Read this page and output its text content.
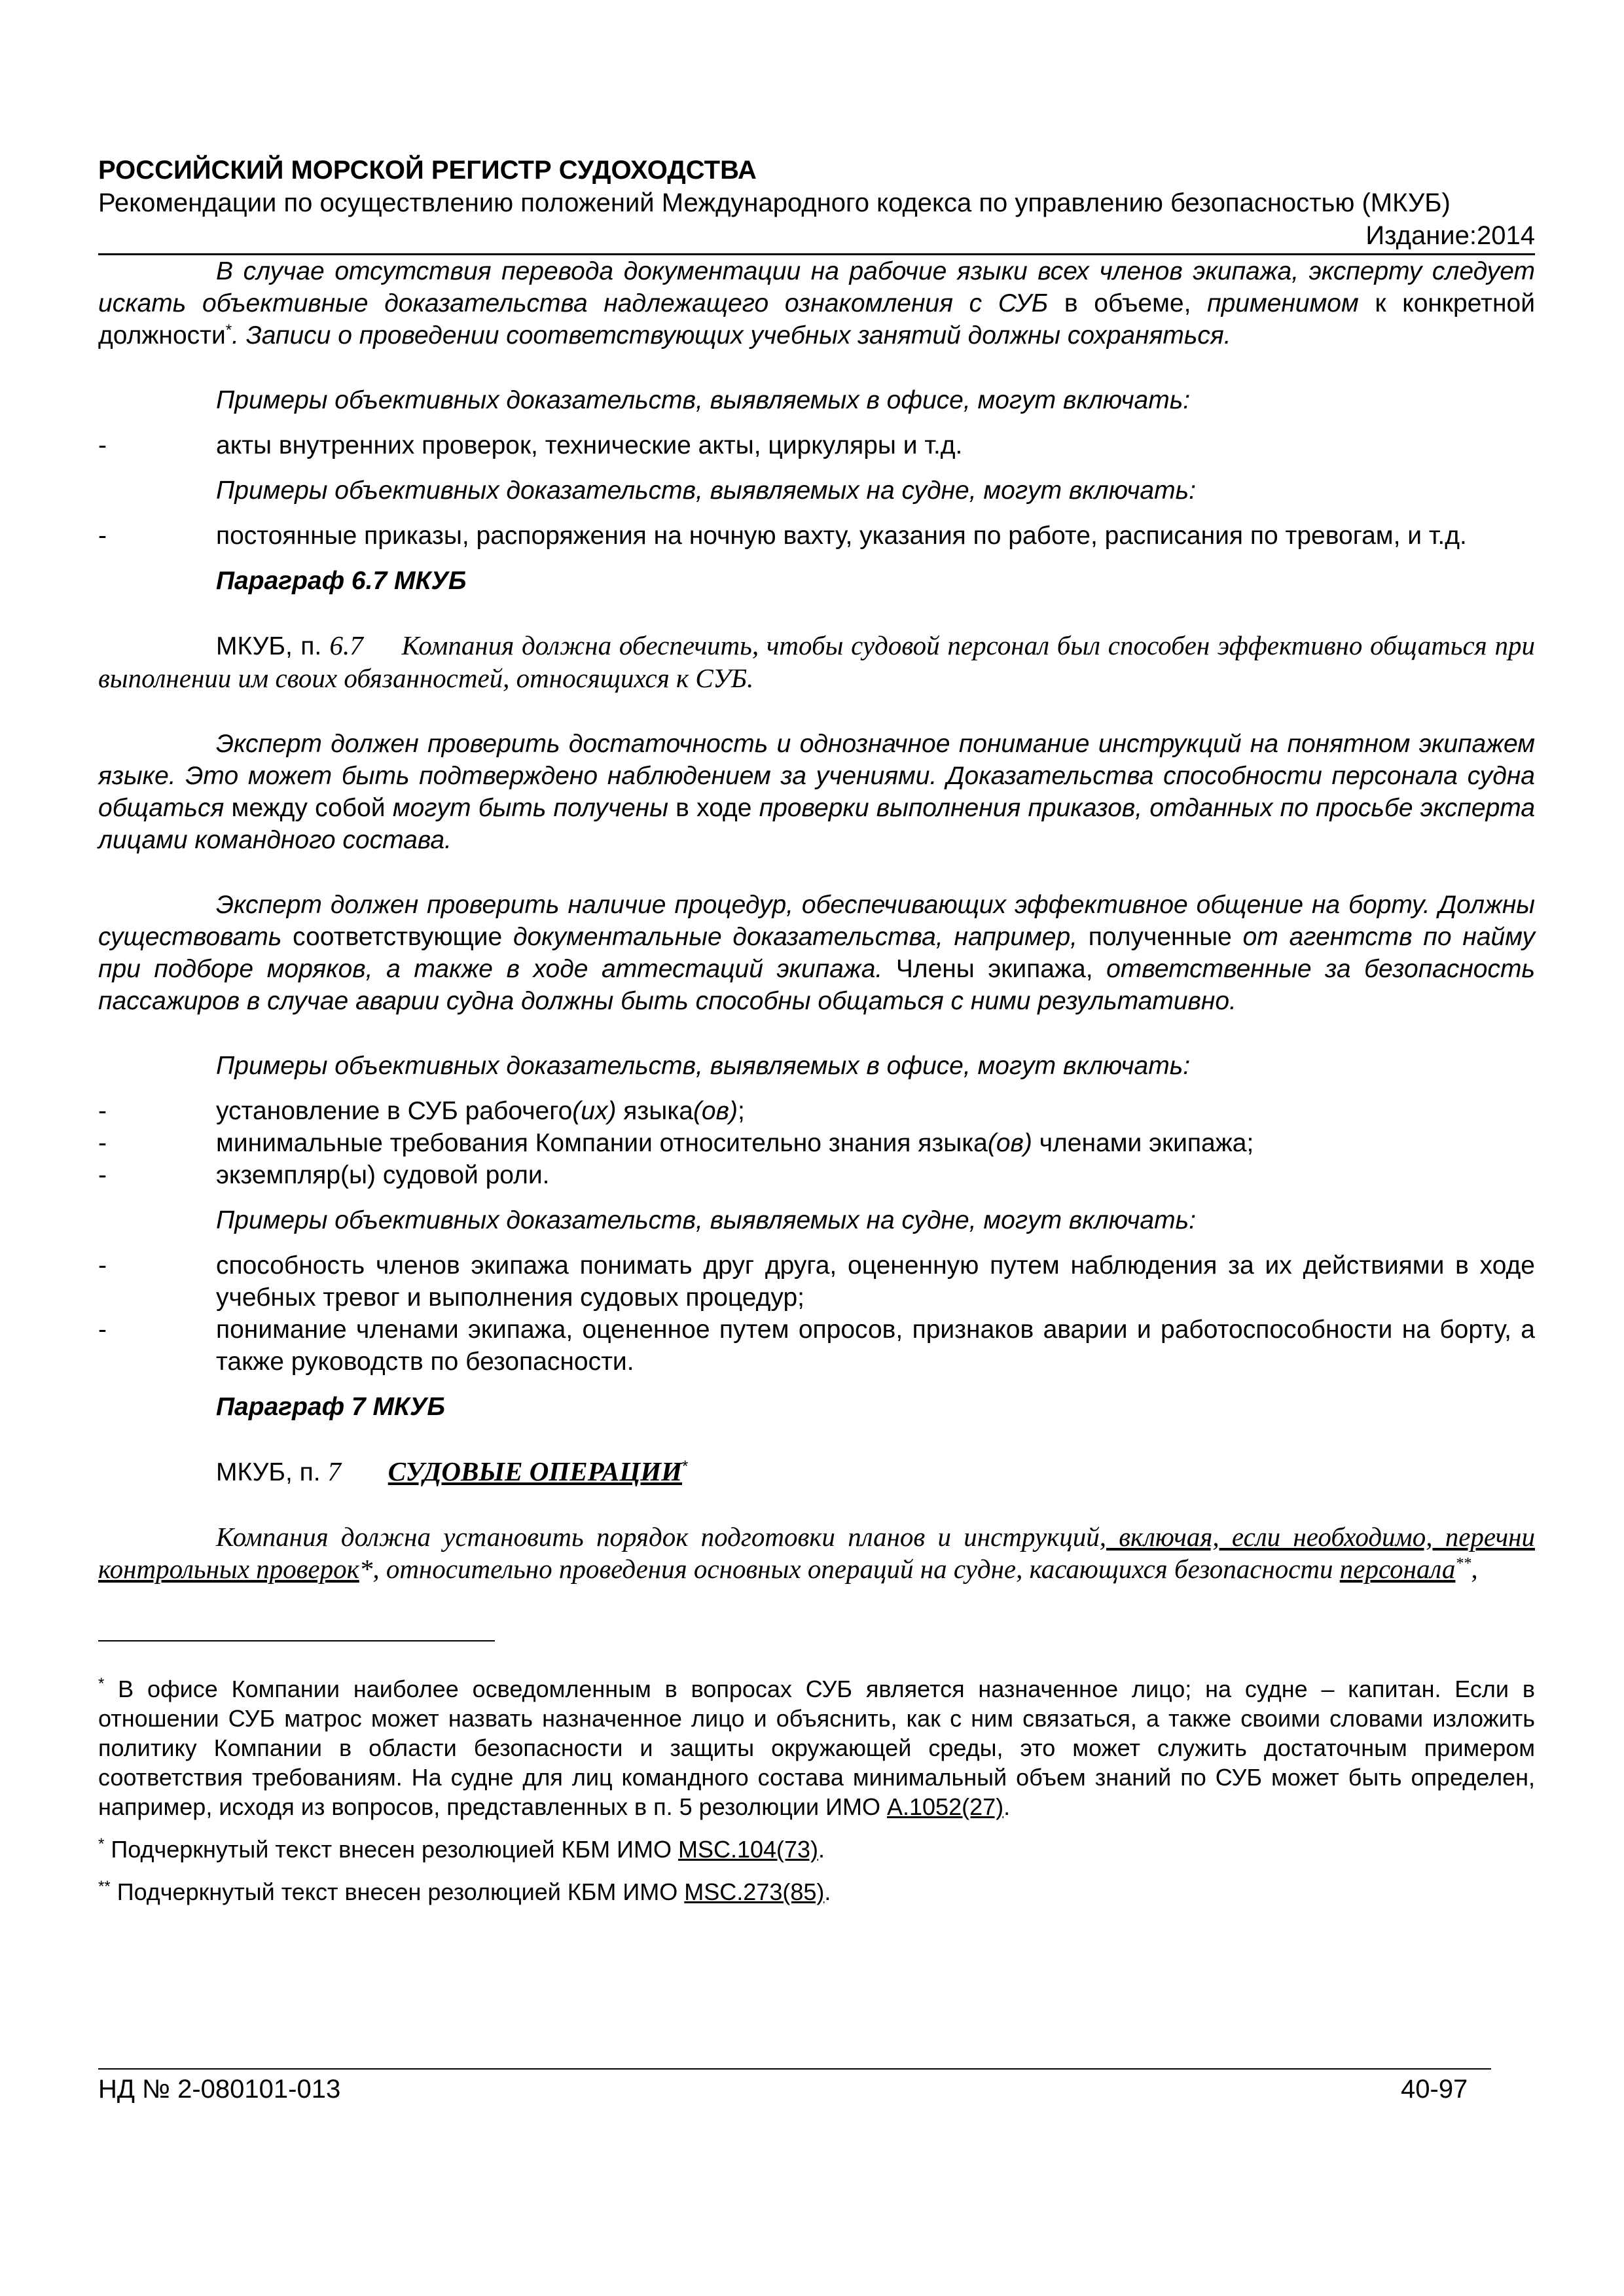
РОССИЙСКИЙ МОРСКОЙ РЕГИСТР СУДОХОДСТВА
Рекомендации по осуществлению положений Международного кодекса по управлению безопасностью (МКУБ)
Издание:2014

В случае отсутствия перевода документации на рабочие языки всех членов экипажа, эксперту следует искать объективные доказательства надлежащего ознакомления с СУБ в объеме, применимом к конкретной должности*. Записи о проведении соответствующих учебных занятий должны сохраняться.

Примеры объективных доказательств, выявляемых в офисе, могут включать:

-	акты внутренних проверок, технические акты, циркуляры и т.д.

Примеры объективных доказательств, выявляемых на судне, могут включать:

-	постоянные приказы, распоряжения на ночную вахту, указания по работе, расписания по тревогам, и т.д.

Параграф 6.7 МКУБ

МКУБ, п. 6.7 Компания должна обеспечить, чтобы судовой персонал был способен эффективно общаться при выполнении им своих обязанностей, относящихся к СУБ.

Эксперт должен проверить достаточность и однозначное понимание инструкций на понятном экипажем языке. Это может быть подтверждено наблюдением за учениями. Доказательства способности персонала судна общаться между собой могут быть получены в ходе проверки выполнения приказов, отданных по просьбе эксперта лицами командного состава.

Эксперт должен проверить наличие процедур, обеспечивающих эффективное общение на борту. Должны существовать соответствующие документальные доказательства, например, полученные от агентств по найму при подборе моряков, а также в ходе аттестаций экипажа. Члены экипажа, ответственные за безопасность пассажиров в случае аварии судна должны быть способны общаться с ними результативно.

Примеры объективных доказательств, выявляемых в офисе, могут включать:

-	установление в СУБ рабочего(их) языка(ов);
-	минимальные требования Компании относительно знания языка(ов) членами экипажа;
-	экземпляр(ы) судовой роли.

Примеры объективных доказательств, выявляемых на судне, могут включать:

-	способность членов экипажа понимать друг друга, оцененную путем наблюдения за их действиями в ходе учебных тревог и выполнения судовых процедур;
-	понимание членами экипажа, оцененное путем опросов, признаков аварии и работоспособности на борту, а также руководств по безопасности.

Параграф 7 МКУБ

МКУБ, п. 7 СУДОВЫЕ ОПЕРАЦИИ*

Компания должна установить порядок подготовки планов и инструкций, включая, если необходимо, перечни контрольных проверок*, относительно проведения основных операций на судне, касающихся безопасности персонала**,

* В офисе Компании наиболее осведомленным в вопросах СУБ является назначенное лицо; на судне – капитан. Если в отношении СУБ матрос может назвать назначенное лицо и объяснить, как с ним связаться, а также своими словами изложить политику Компании в области безопасности и защиты окружающей среды, это может служить достаточным примером соответствия требованиям. На судне для лиц командного состава минимальный объем знаний по СУБ может быть определен, например, исходя из вопросов, представленных в п. 5 резолюции ИМО A.1052(27).

* Подчеркнутый текст внесен резолюцией КБМ ИМО MSC.104(73).

** Подчеркнутый текст внесен резолюцией КБМ ИМО MSC.273(85).

НД № 2-080101-013	40-97
